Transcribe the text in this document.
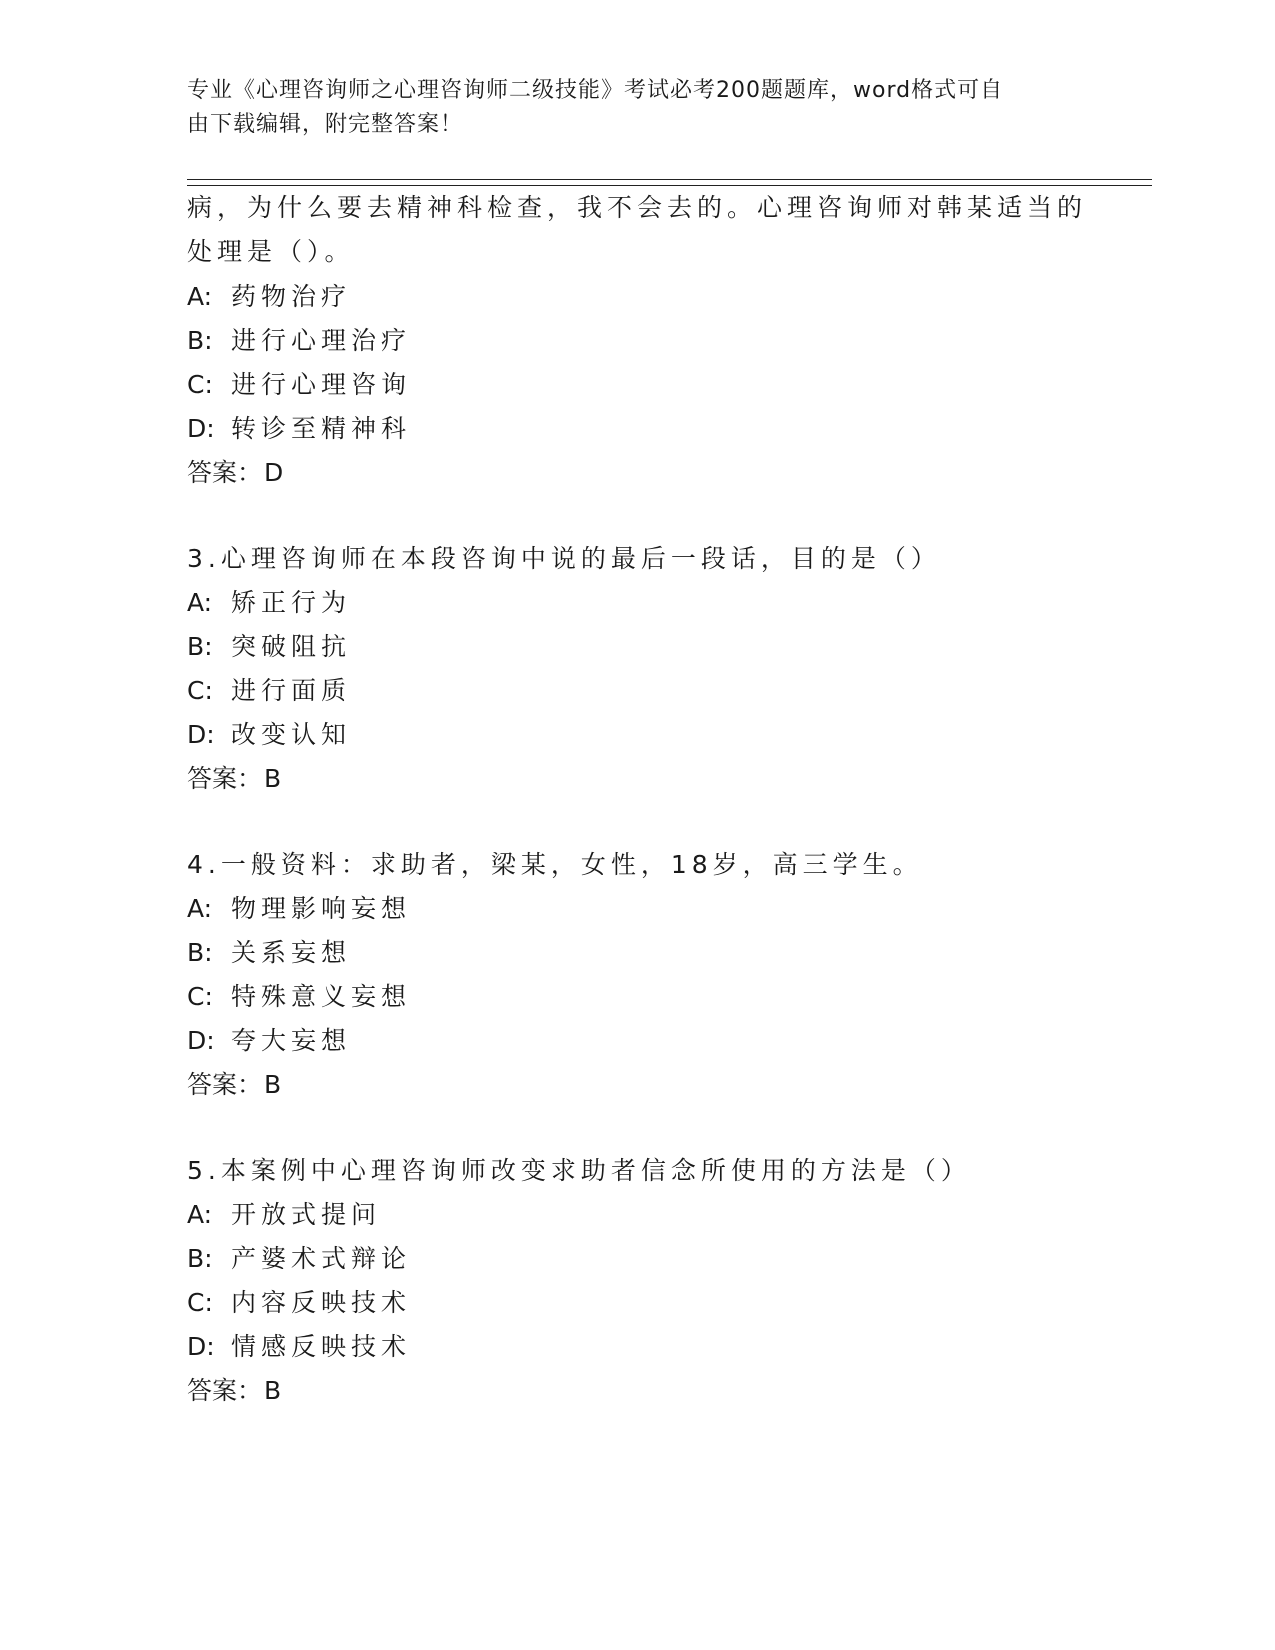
专业《心理咨询师之心理咨询师二级技能》考试必考200题题库，word格式可自
由下载编辑，附完整答案！
病，为什么要去精神科检查，我不会去的。心理咨询师对韩某适当的
处理是（）。
A: 药物治疗
B: 进行心理治疗
C: 进行心理咨询
D: 转诊至精神科
答案：D
3.心理咨询师在本段咨询中说的最后一段话，目的是（）
A: 矫正行为
B: 突破阻抗
C: 进行面质
D: 改变认知
答案：B
4.一般资料：求助者，梁某，女性，18岁，高三学生。
A: 物理影响妄想
B: 关系妄想
C: 特殊意义妄想
D: 夸大妄想
答案：B
5.本案例中心理咨询师改变求助者信念所使用的方法是（）
A: 开放式提问
B: 产婆术式辩论
C: 内容反映技术
D: 情感反映技术
答案：B
